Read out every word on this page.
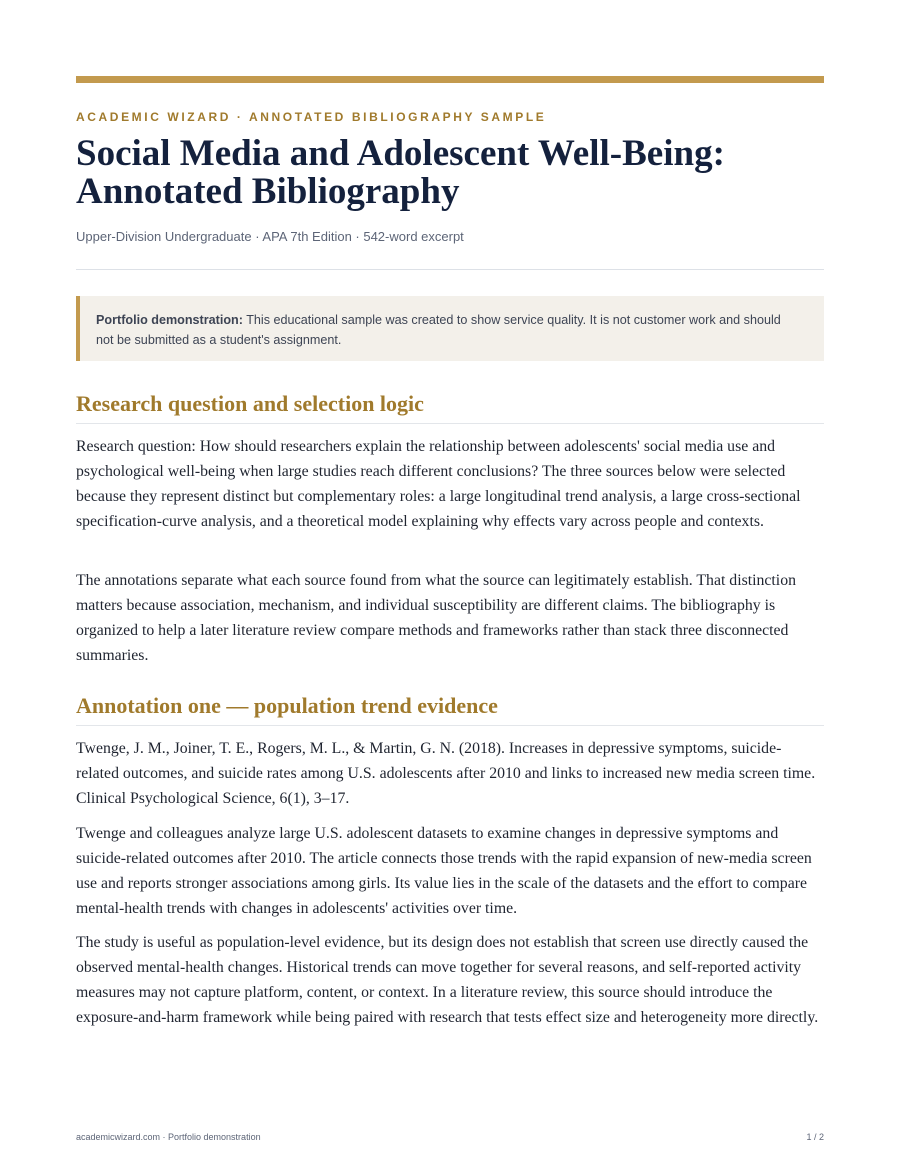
ACADEMIC WIZARD · ANNOTATED BIBLIOGRAPHY SAMPLE
Social Media and Adolescent Well-Being: Annotated Bibliography
Upper-Division Undergraduate · APA 7th Edition · 542-word excerpt
Portfolio demonstration: This educational sample was created to show service quality. It is not customer work and should not be submitted as a student's assignment.
Research question and selection logic

Research question: How should researchers explain the relationship between adolescents' social media use and psychological well-being when large studies reach different conclusions? The three sources below were selected because they represent distinct but complementary roles: a large longitudinal trend analysis, a large cross-sectional specification-curve analysis, and a theoretical model explaining why effects vary across people and contexts.

The annotations separate what each source found from what the source can legitimately establish. That distinction matters because association, mechanism, and individual susceptibility are different claims. The bibliography is organized to help a later literature review compare methods and frameworks rather than stack three disconnected summaries.

Annotation one — population trend evidence

Twenge, J. M., Joiner, T. E., Rogers, M. L., & Martin, G. N. (2018). Increases in depressive symptoms, suicide-related outcomes, and suicide rates among U.S. adolescents after 2010 and links to increased new media screen time. Clinical Psychological Science, 6(1), 3–17.

Twenge and colleagues analyze large U.S. adolescent datasets to examine changes in depressive symptoms and suicide-related outcomes after 2010. The article connects those trends with the rapid expansion of new-media screen use and reports stronger associations among girls. Its value lies in the scale of the datasets and the effort to compare mental-health trends with changes in adolescents' activities over time.

The study is useful as population-level evidence, but its design does not establish that screen use directly caused the observed mental-health changes. Historical trends can move together for several reasons, and self-reported activity measures may not capture platform, content, or context. In a literature review, this source should introduce the exposure-and-harm framework while being paired with research that tests effect size and heterogeneity more directly.

academicwizard.com · Portfolio demonstration	1 / 2
